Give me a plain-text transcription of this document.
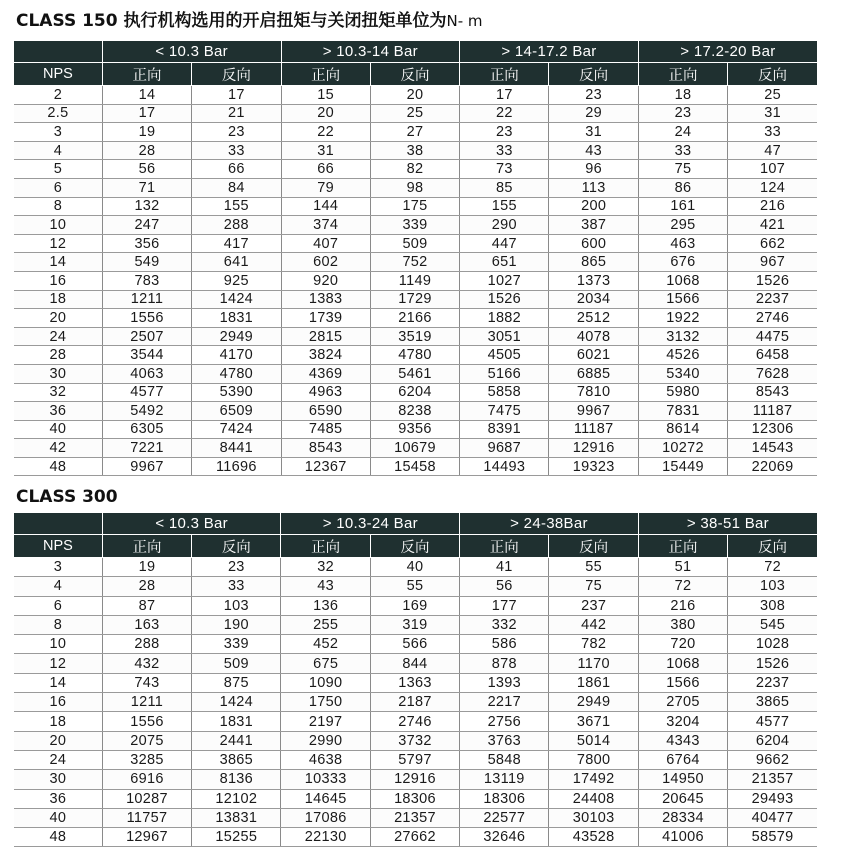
CLASS 150 执行机构选用的开启扭矩与关闭扭矩单位为N- m
	< 10.3 Bar		> 10.3-14 Bar		> 14-17.2 Bar		> 17.2-20 Bar	
NPS	正向	反向	正向	反向	正向	反向	正向	反向
2	14	17	15	20	17	23	18	25
2.5	17	21	20	25	22	29	23	31
3	19	23	22	27	23	31	24	33
4	28	33	31	38	33	43	33	47
5	56	66	66	82	73	96	75	107
6	71	84	79	98	85	113	86	124
8	132	155	144	175	155	200	161	216
10	247	288	374	339	290	387	295	421
12	356	417	407	509	447	600	463	662
14	549	641	602	752	651	865	676	967
16	783	925	920	1149	1027	1373	1068	1526
18	1211	1424	1383	1729	1526	2034	1566	2237
20	1556	1831	1739	2166	1882	2512	1922	2746
24	2507	2949	2815	3519	3051	4078	3132	4475
28	3544	4170	3824	4780	4505	6021	4526	6458
30	4063	4780	4369	5461	5166	6885	5340	7628
32	4577	5390	4963	6204	5858	7810	5980	8543
36	5492	6509	6590	8238	7475	9967	7831	11187
40	6305	7424	7485	9356	8391	11187	8614	12306
42	7221	8441	8543	10679	9687	12916	10272	14543
48	9967	11696	12367	15458	14493	19323	15449	22069
CLASS 300
	< 10.3 Bar		> 10.3-24 Bar		> 24-38Bar		> 38-51 Bar	
NPS	正向	反向	正向	反向	正向	反向	正向	反向
3	19	23	32	40	41	55	51	72
4	28	33	43	55	56	75	72	103
6	87	103	136	169	177	237	216	308
8	163	190	255	319	332	442	380	545
10	288	339	452	566	586	782	720	1028
12	432	509	675	844	878	1170	1068	1526
14	743	875	1090	1363	1393	1861	1566	2237
16	1211	1424	1750	2187	2217	2949	2705	3865
18	1556	1831	2197	2746	2756	3671	3204	4577
20	2075	2441	2990	3732	3763	5014	4343	6204
24	3285	3865	4638	5797	5848	7800	6764	9662
30	6916	8136	10333	12916	13119	17492	14950	21357
36	10287	12102	14645	18306	18306	24408	20645	29493
40	11757	13831	17086	21357	22577	30103	28334	40477
48	12967	15255	22130	27662	32646	43528	41006	58579
